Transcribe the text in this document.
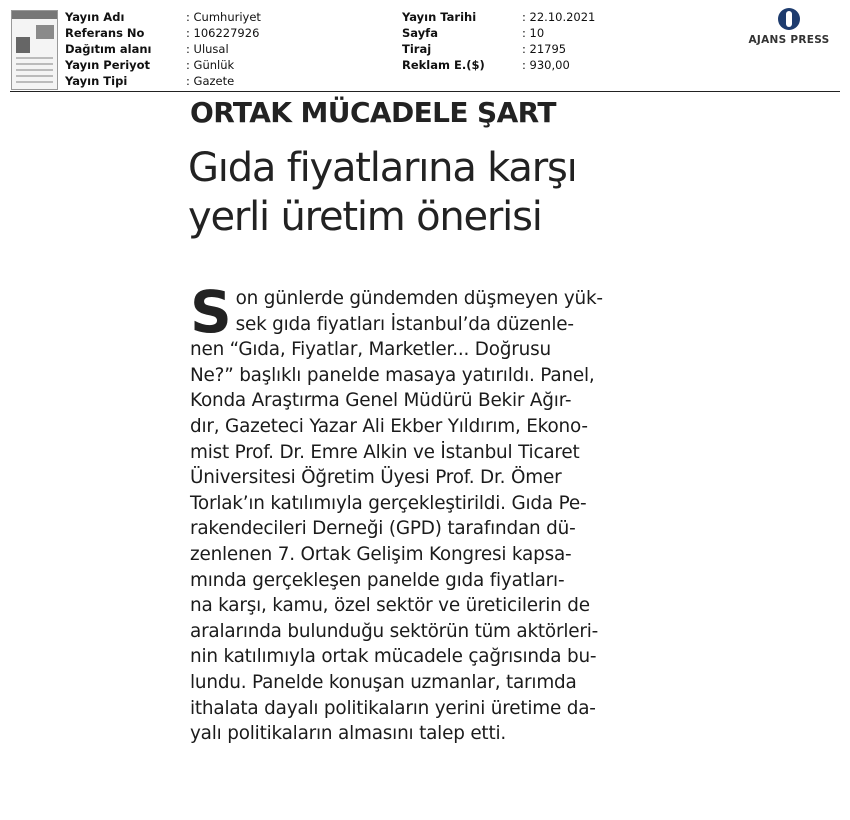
Yayın Adı	: Cumhuriyet
Referans No	: 106227926
Dağıtım alanı	: Ulusal
Yayın Periyot	: Günlük
Yayın Tipi	: Gazete
Yayın Tarihi	: 22.10.2021
Sayfa	: 10
Tiraj	: 21795
Reklam E.($)	: 930,00
AJANS PRESS
ORTAK MÜCADELE ŞART
Gıda fiyatlarına karşı
yerli üretim önerisi
S on günlerde gündemden düşmeyen yük-
sek gıda fiyatları İstanbul’da düzenle-
nen “Gıda, Fiyatlar, Marketler... Doğrusu
Ne?” başlıklı panelde masaya yatırıldı. Panel,
Konda Araştırma Genel Müdürü Bekir Ağır-
dır, Gazeteci Yazar Ali Ekber Yıldırım, Ekono-
mist Prof. Dr. Emre Alkin ve İstanbul Ticaret
Üniversitesi Öğretim Üyesi Prof. Dr. Ömer
Torlak’ın katılımıyla gerçekleştirildi. Gıda Pe-
rakendecileri Derneği (GPD) tarafından dü-
zenlenen 7. Ortak Gelişim Kongresi kapsa-
mında gerçekleşen panelde gıda fiyatları-
na karşı, kamu, özel sektör ve üreticilerin de
aralarında bulunduğu sektörün tüm aktörleri-
nin katılımıyla ortak mücadele çağrısında bu-
lundu. Panelde konuşan uzmanlar, tarımda
ithalata dayalı politikaların yerini üretime da-
yalı politikaların almasını talep etti.
